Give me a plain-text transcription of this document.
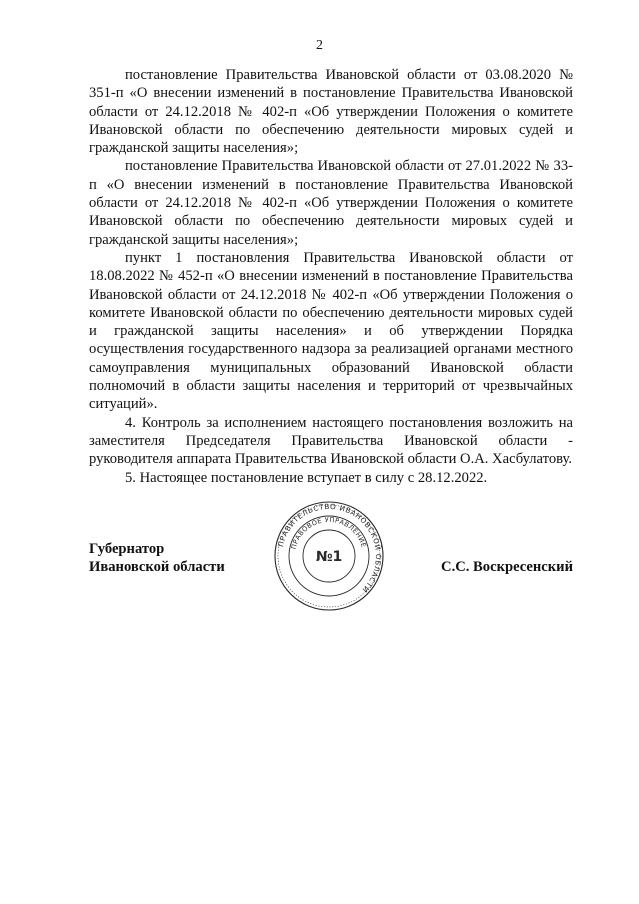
2

постановление Правительства Ивановской области от 03.08.2020 № 351-п «О внесении изменений в постановление Правительства Ивановской области от 24.12.2018 № 402-п «Об утверждении Положения о комитете Ивановской области по обеспечению деятельности мировых судей и гражданской защиты населения»;

постановление Правительства Ивановской области от 27.01.2022 № 33-п «О внесении изменений в постановление Правительства Ивановской области от 24.12.2018 № 402-п «Об утверждении Положения о комитете Ивановской области по обеспечению деятельности мировых судей и гражданской защиты населения»;

пункт 1 постановления Правительства Ивановской области от 18.08.2022 № 452-п «О внесении изменений в постановление Правительства Ивановской области от 24.12.2018 № 402-п «Об утверждении Положения о комитете Ивановской области по обеспечению деятельности мировых судей и гражданской защиты населения» и об утверждении Порядка осуществления государственного надзора за реализацией органами местного самоуправления муниципальных образований Ивановской области полномочий в области защиты населения и территорий от чрезвычайных ситуаций».

4. Контроль за исполнением настоящего постановления возложить на заместителя Председателя Правительства Ивановской области - руководителя аппарата Правительства Ивановской области О.А. Хасбулатову.

5. Настоящее постановление вступает в силу с 28.12.2022.

Губернатор
Ивановской области
ПРАВИТЕЛЬСТВО ИВАНОВСКОЙ ОБЛАСТИ
ПРАВОВОЕ УПРАВЛЕНИЕ
№1
С.С. Воскресенский
